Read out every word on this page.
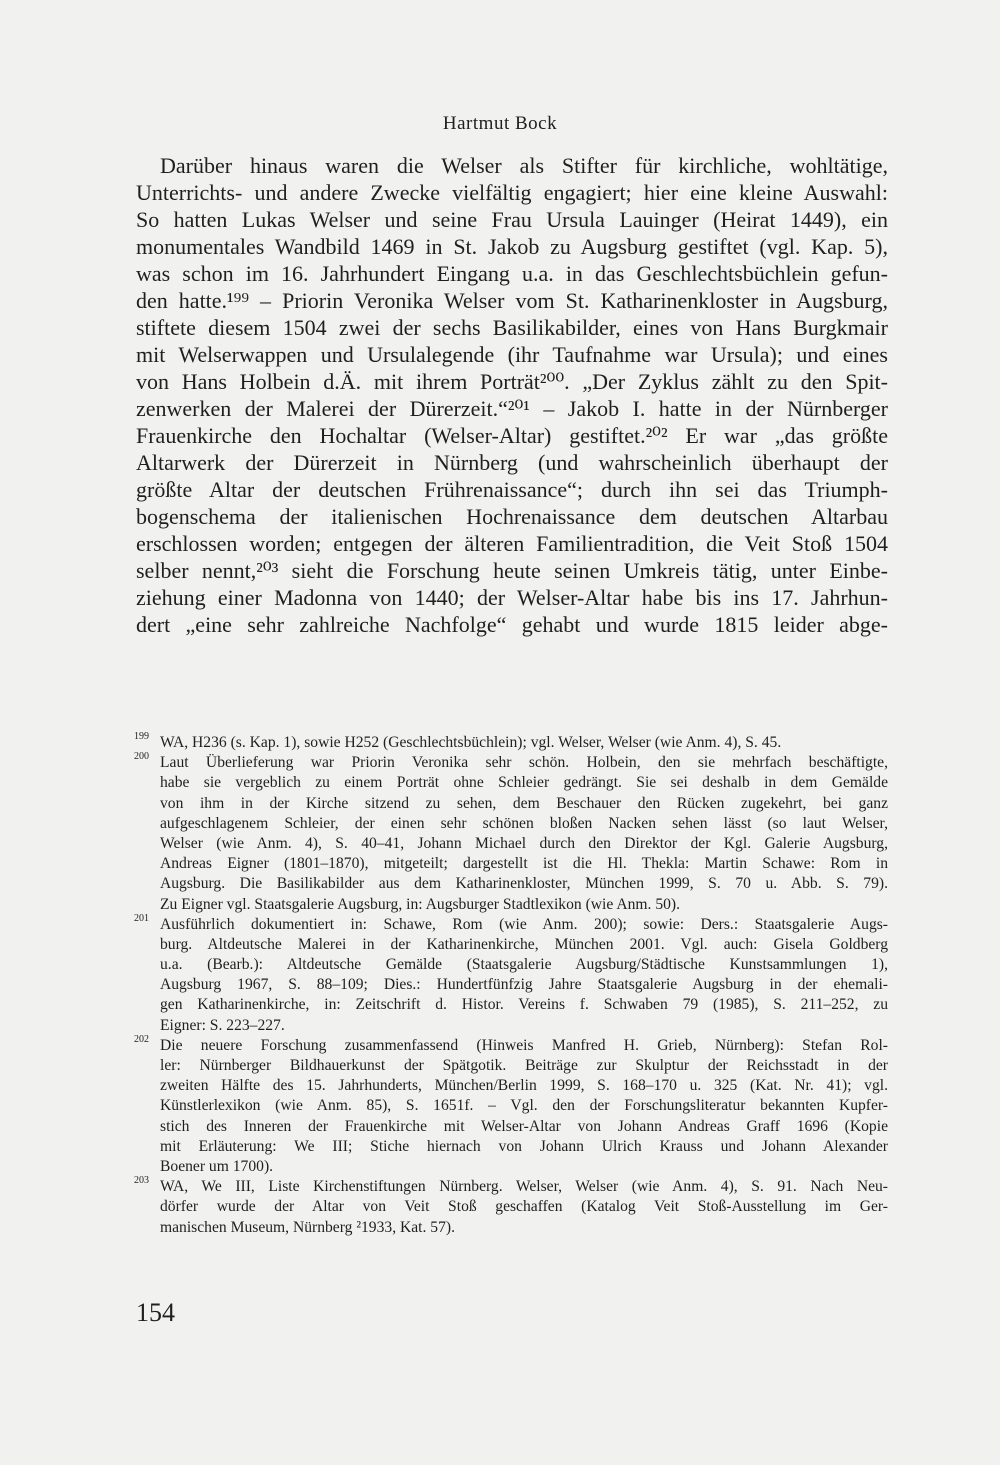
Hartmut Bock
Darüber hinaus waren die Welser als Stifter für kirchliche, wohltätige,
Unterrichts- und andere Zwecke vielfältig engagiert; hier eine kleine Auswahl:
So hatten Lukas Welser und seine Frau Ursula Lauinger (Heirat 1449), ein
monumentales Wandbild 1469 in St. Jakob zu Augsburg gestiftet (vgl. Kap. 5),
was schon im 16. Jahrhundert Eingang u.a. in das Geschlechtsbüchlein gefun-
den hatte.¹⁹⁹ – Priorin Veronika Welser vom St. Katharinenkloster in Augsburg,
stiftete diesem 1504 zwei der sechs Basilikabilder, eines von Hans Burgkmair
mit Welserwappen und Ursulalegende (ihr Taufnahme war Ursula); und eines
von Hans Holbein d.Ä. mit ihrem Porträt²⁰⁰. „Der Zyklus zählt zu den Spit-
zenwerken der Malerei der Dürerzeit.“²⁰¹ – Jakob I. hatte in der Nürnberger
Frauenkirche den Hochaltar (Welser-Altar) gestiftet.²⁰² Er war „das größte
Altarwerk der Dürerzeit in Nürnberg (und wahrscheinlich überhaupt der
größte Altar der deutschen Frührenaissance“; durch ihn sei das Triumph-
bogenschema der italienischen Hochrenaissance dem deutschen Altarbau
erschlossen worden; entgegen der älteren Familientradition, die Veit Stoß 1504
selber nennt,²⁰³ sieht die Forschung heute seinen Umkreis tätig, unter Einbe-
ziehung einer Madonna von 1440; der Welser-Altar habe bis ins 17. Jahrhun-
dert „eine sehr zahlreiche Nachfolge“ gehabt und wurde 1815 leider abge-
199 WA, H236 (s. Kap. 1), sowie H252 (Geschlechtsbüchlein); vgl. Welser, Welser (wie Anm. 4), S. 45.
200 Laut Überlieferung war Priorin Veronika sehr schön. Holbein, den sie mehrfach beschäftigte,
habe sie vergeblich zu einem Porträt ohne Schleier gedrängt. Sie sei deshalb in dem Gemälde
von ihm in der Kirche sitzend zu sehen, dem Beschauer den Rücken zugekehrt, bei ganz
aufgeschlagenem Schleier, der einen sehr schönen bloßen Nacken sehen lässt (so laut Welser,
Welser (wie Anm. 4), S. 40–41, Johann Michael durch den Direktor der Kgl. Galerie Augsburg,
Andreas Eigner (1801–1870), mitgeteilt; dargestellt ist die Hl. Thekla: Martin Schawe: Rom in
Augsburg. Die Basilikabilder aus dem Katharinenkloster, München 1999, S. 70 u. Abb. S. 79).
Zu Eigner vgl. Staatsgalerie Augsburg, in: Augsburger Stadtlexikon (wie Anm. 50).
201 Ausführlich dokumentiert in: Schawe, Rom (wie Anm. 200); sowie: Ders.: Staatsgalerie Augs-
burg. Altdeutsche Malerei in der Katharinenkirche, München 2001. Vgl. auch: Gisela Goldberg
u.a. (Bearb.): Altdeutsche Gemälde (Staatsgalerie Augsburg/Städtische Kunstsammlungen 1),
Augsburg 1967, S. 88–109; Dies.: Hundertfünfzig Jahre Staatsgalerie Augsburg in der ehemali-
gen Katharinenkirche, in: Zeitschrift d. Histor. Vereins f. Schwaben 79 (1985), S. 211–252, zu
Eigner: S. 223–227.
202 Die neuere Forschung zusammenfassend (Hinweis Manfred H. Grieb, Nürnberg): Stefan Rol-
ler: Nürnberger Bildhauerkunst der Spätgotik. Beiträge zur Skulptur der Reichsstadt in der
zweiten Hälfte des 15. Jahrhunderts, München/Berlin 1999, S. 168–170 u. 325 (Kat. Nr. 41); vgl.
Künstlerlexikon (wie Anm. 85), S. 1651f. – Vgl. den der Forschungsliteratur bekannten Kupfer-
stich des Inneren der Frauenkirche mit Welser-Altar von Johann Andreas Graff 1696 (Kopie
mit Erläuterung: We III; Stiche hiernach von Johann Ulrich Krauss und Johann Alexander
Boener um 1700).
203 WA, We III, Liste Kirchenstiftungen Nürnberg. Welser, Welser (wie Anm. 4), S. 91. Nach Neu-
dörfer wurde der Altar von Veit Stoß geschaffen (Katalog Veit Stoß-Ausstellung im Ger-
manischen Museum, Nürnberg ²1933, Kat. 57).
154
